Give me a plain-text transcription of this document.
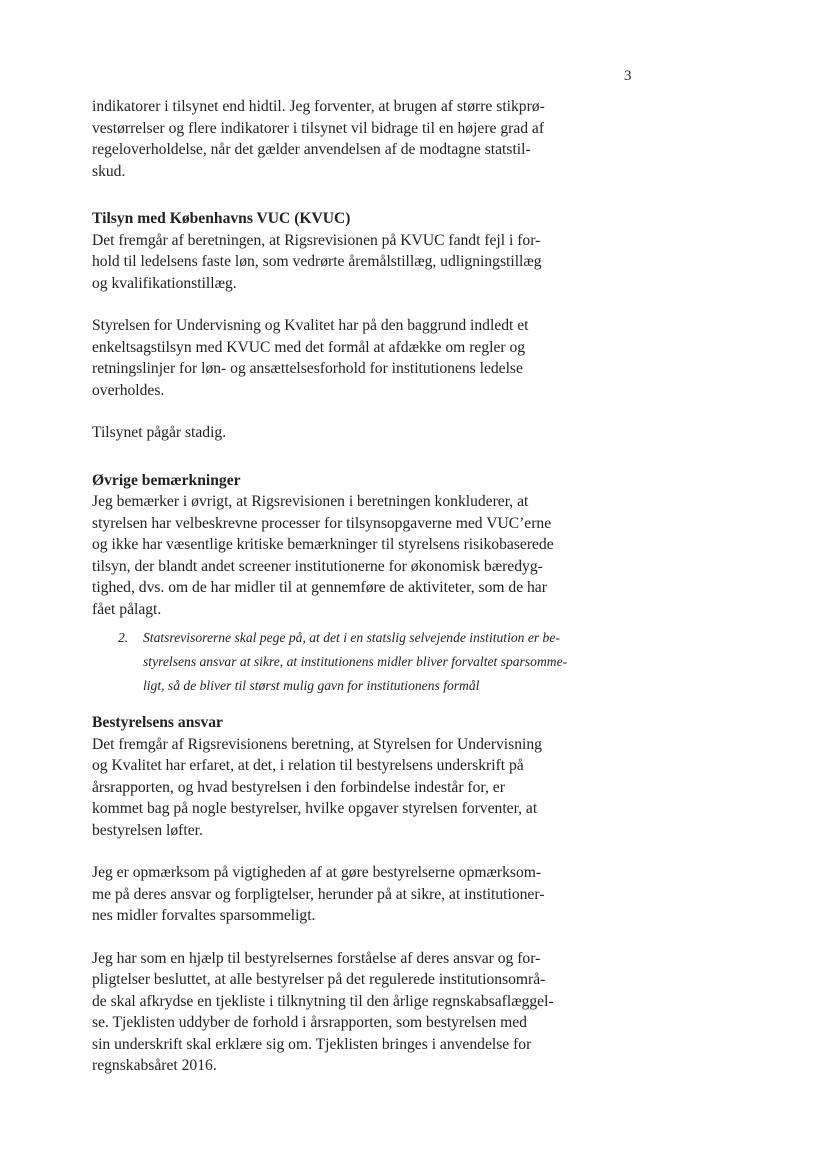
3
indikatorer i tilsynet end hidtil. Jeg forventer, at brugen af større stikprø-
vestørrelser og flere indikatorer i tilsynet vil bidrage til en højere grad af
regeloverholdelse, når det gælder anvendelsen af de modtagne statstil-
skud.
Tilsyn med Københavns VUC (KVUC)
Det fremgår af beretningen, at Rigsrevisionen på KVUC fandt fejl i for-
hold til ledelsens faste løn, som vedrørte åremålstillæg, udligningstillæg
og kvalifikationstillæg.
Styrelsen for Undervisning og Kvalitet har på den baggrund indledt et
enkeltsagstilsyn med KVUC med det formål at afdække om regler og
retningslinjer for løn- og ansættelsesforhold for institutionens ledelse
overholdes.
Tilsynet pågår stadig.
Øvrige bemærkninger
Jeg bemærker i øvrigt, at Rigsrevisionen i beretningen konkluderer, at
styrelsen har velbeskrevne processer for tilsynsopgaverne med VUC’erne
og ikke har væsentlige kritiske bemærkninger til styrelsens risikobaserede
tilsyn, der blandt andet screener institutionerne for økonomisk bæredyg-
tighed, dvs. om de har midler til at gennemføre de aktiviteter, som de har
fået pålagt.
2. Statsrevisorerne skal pege på, at det i en statslig selvejende institution er be-
styrelsens ansvar at sikre, at institutionens midler bliver forvaltet sparsomme-
ligt, så de bliver til størst mulig gavn for institutionens formål
Bestyrelsens ansvar
Det fremgår af Rigsrevisionens beretning, at Styrelsen for Undervisning
og Kvalitet har erfaret, at det, i relation til bestyrelsens underskrift på
årsrapporten, og hvad bestyrelsen i den forbindelse indestår for, er
kommet bag på nogle bestyrelser, hvilke opgaver styrelsen forventer, at
bestyrelsen løfter.
Jeg er opmærksom på vigtigheden af at gøre bestyrelserne opmærksom-
me på deres ansvar og forpligtelser, herunder på at sikre, at institutioner-
nes midler forvaltes sparsommeligt.
Jeg har som en hjælp til bestyrelsernes forståelse af deres ansvar og for-
pligtelser besluttet, at alle bestyrelser på det regulerede institutionsområ-
de skal afkrydse en tjekliste i tilknytning til den årlige regnskabsaflæggel-
se. Tjeklisten uddyber de forhold i årsrapporten, som bestyrelsen med
sin underskrift skal erklære sig om. Tjeklisten bringes i anvendelse for
regnskabsåret 2016.
